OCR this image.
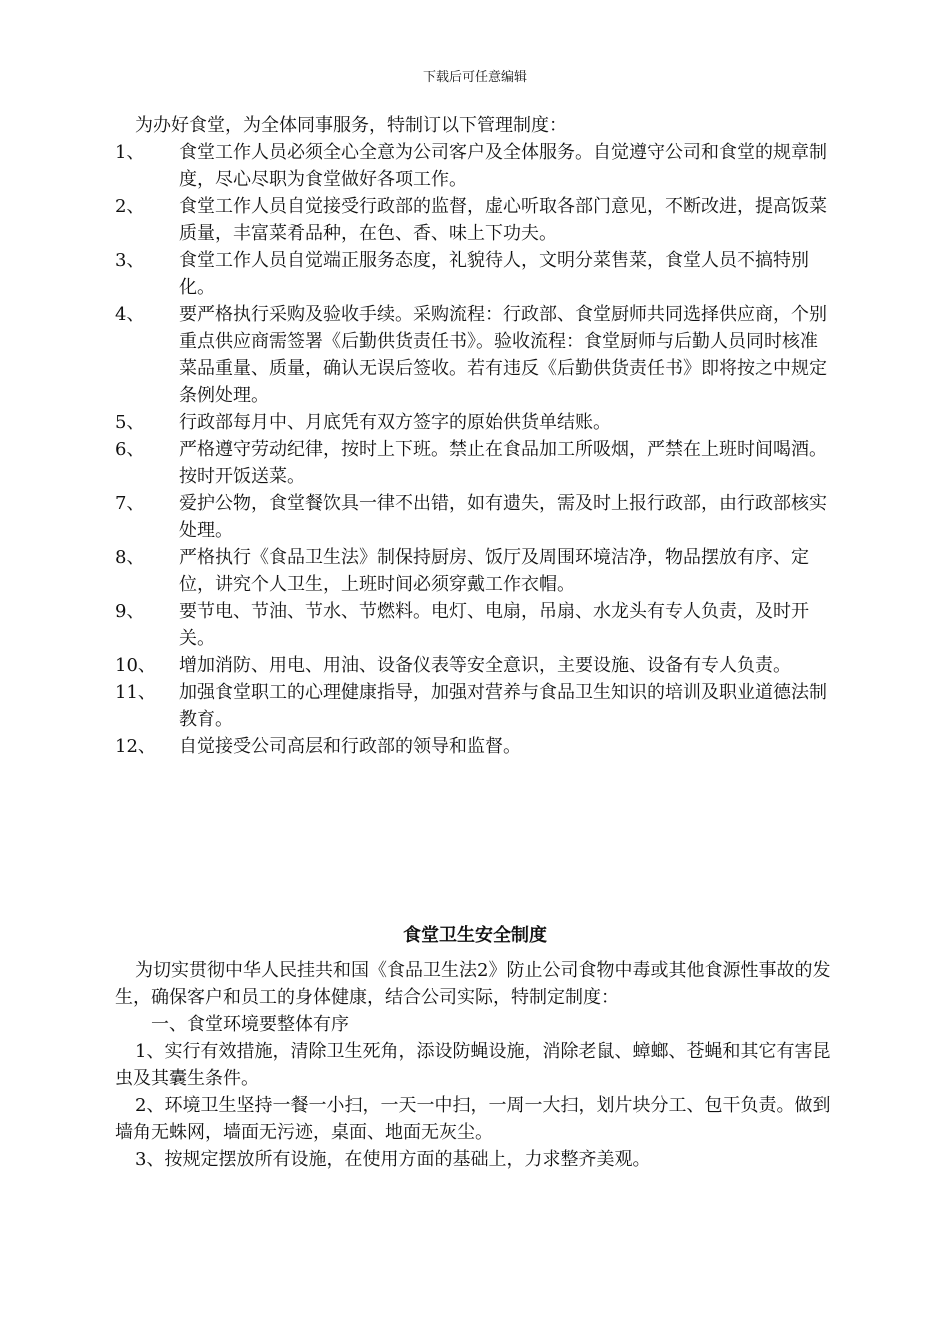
下载后可任意编辑

为办好食堂，为全体同事服务，特制订以下管理制度：

1、 食堂工作人员必须全心全意为公司客户及全体服务。自觉遵守公司和食堂的规章制度，尽心尽职为食堂做好各项工作。
2、 食堂工作人员自觉接受行政部的监督，虚心听取各部门意见，不断改进，提高饭菜质量，丰富菜肴品种，在色、香、味上下功夫。
3、 食堂工作人员自觉端正服务态度，礼貌待人，文明分菜售菜，食堂人员不搞特別化。
4、 要严格执行采购及验收手续。采购流程：行政部、食堂厨师共同选择供应商，个别重点供应商需签署《后勤供货责任书》。验收流程：食堂厨师与后勤人员同时核准菜品重量、质量，确认无误后签收。若有违反《后勤供货责任书》即将按之中规定条例处理。
5、 行政部每月中、月底凭有双方签字的原始供货单结账。
6、 严格遵守劳动纪律，按时上下班。禁止在食品加工所吸烟，严禁在上班时间喝酒。按时开饭送菜。
7、 爱护公物，食堂餐饮具一律不出错，如有遗失，需及时上报行政部，由行政部核实处理。
8、 严格执行《食品卫生法》制保持厨房、饭厅及周围环境洁净，物品摆放有序、定位，讲究个人卫生，上班时间必须穿戴工作衣帽。
9、 要节电、节油、节水、节燃料。电灯、电扇，吊扇、水龙头有专人负责，及时开关。
10、 增加消防、用电、用油、设备仪表等安全意识，主要设施、设备有专人负责。
11、 加强食堂职工的心理健康指导，加强对营养与食品卫生知识的培训及职业道德法制教育。
12、 自觉接受公司高层和行政部的领导和监督。
食堂卫生安全制度

为切实贯彻中华人民挂共和国《食品卫生法2》防止公司食物中毒或其他食源性事故的发生，确保客户和员工的身体健康，结合公司实际，特制定制度：

一、食堂环境要整体有序

1、实行有效措施，清除卫生死角，添设防蝇设施，消除老鼠、蟑螂、苍蝇和其它有害昆虫及其囊生条件。

2、环境卫生坚持一餐一小扫，一天一中扫，一周一大扫，划片块分工、包干负责。做到墙角无蛛网，墙面无污迹，桌面、地面无灰尘。

3、按规定摆放所有设施，在使用方面的基础上，力求整齐美观。
